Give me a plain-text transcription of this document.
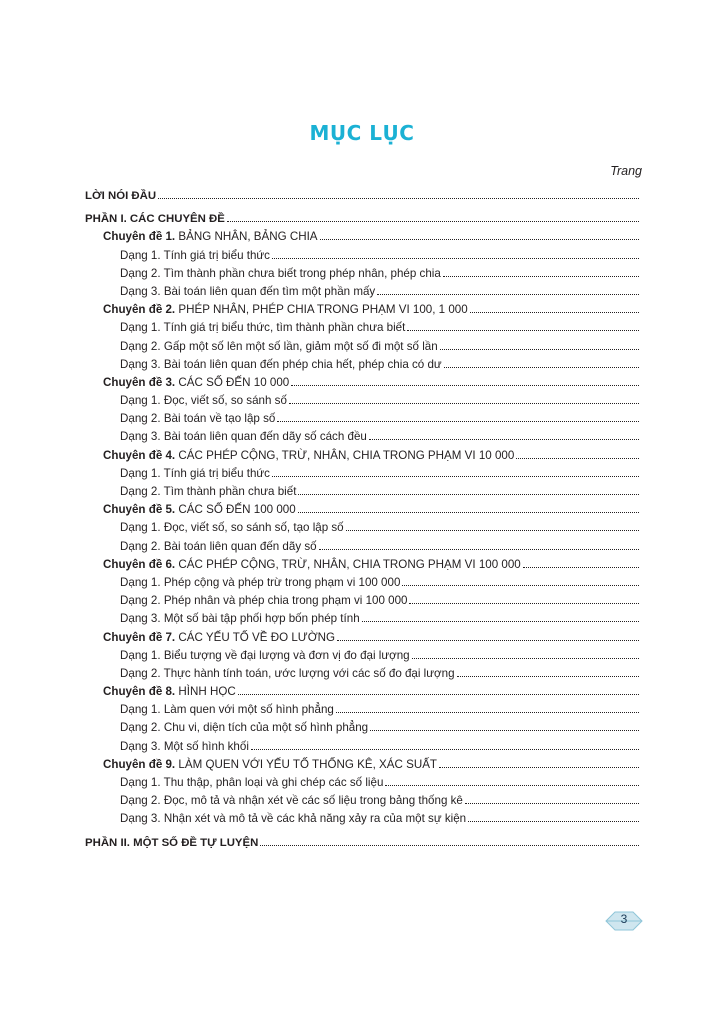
MỤC LỤC
Trang
LỜI NÓI ĐẦU
PHẦN I. CÁC CHUYÊN ĐỀ
Chuyên đề 1. BẢNG NHÂN, BẢNG CHIA
Dạng 1. Tính giá trị biểu thức
Dạng 2. Tìm thành phần chưa biết trong phép nhân, phép chia
Dạng 3. Bài toán liên quan đến tìm một phần mấy
Chuyên đề 2. PHÉP NHÂN, PHÉP CHIA TRONG PHẠM VI 100, 1 000
Dạng 1. Tính giá trị biểu thức, tìm thành phần chưa biết
Dạng 2. Gấp một số lên một số lần, giảm một số đi một số lần
Dạng 3. Bài toán liên quan đến phép chia hết, phép chia có dư
Chuyên đề 3. CÁC SỐ ĐẾN 10 000
Dạng 1. Đọc, viết số, so sánh số
Dạng 2. Bài toán về tạo lập số
Dạng 3. Bài toán liên quan đến dãy số cách đều
Chuyên đề 4. CÁC PHÉP CỘNG, TRỪ, NHÂN, CHIA TRONG PHẠM VI 10 000
Dạng 1. Tính giá trị biểu thức
Dạng 2. Tìm thành phần chưa biết
Chuyên đề 5. CÁC SỐ ĐẾN 100 000
Dạng 1. Đọc, viết số, so sánh số, tạo lập số
Dạng 2. Bài toán liên quan đến dãy số
Chuyên đề 6. CÁC PHÉP CỘNG, TRỪ, NHÂN, CHIA TRONG PHẠM VI 100 000
Dạng 1. Phép cộng và phép trừ trong phạm vi 100 000
Dạng 2. Phép nhân và phép chia trong phạm vi 100 000
Dạng 3. Một số bài tập phối hợp bốn phép tính
Chuyên đề 7. CÁC YẾU TỐ VỀ ĐO LƯỜNG
Dạng 1. Biểu tượng về đại lượng và đơn vị đo đại lượng
Dạng 2. Thực hành tính toán, ước lượng với các số đo đại lượng
Chuyên đề 8. HÌNH HỌC
Dạng 1. Làm quen với một số hình phẳng
Dạng 2. Chu vi, diện tích của một số hình phẳng
Dạng 3. Một số hình khối
Chuyên đề 9. LÀM QUEN VỚI YẾU TỐ THỐNG KÊ, XÁC SUẤT
Dạng 1. Thu thập, phân loại và ghi chép các số liệu
Dạng 2. Đọc, mô tả và nhận xét về các số liệu trong bảng thống kê
Dạng 3. Nhận xét và mô tả về các khả năng xảy ra của một sự kiện
PHẦN II. MỘT SỐ ĐỀ TỰ LUYỆN
3
